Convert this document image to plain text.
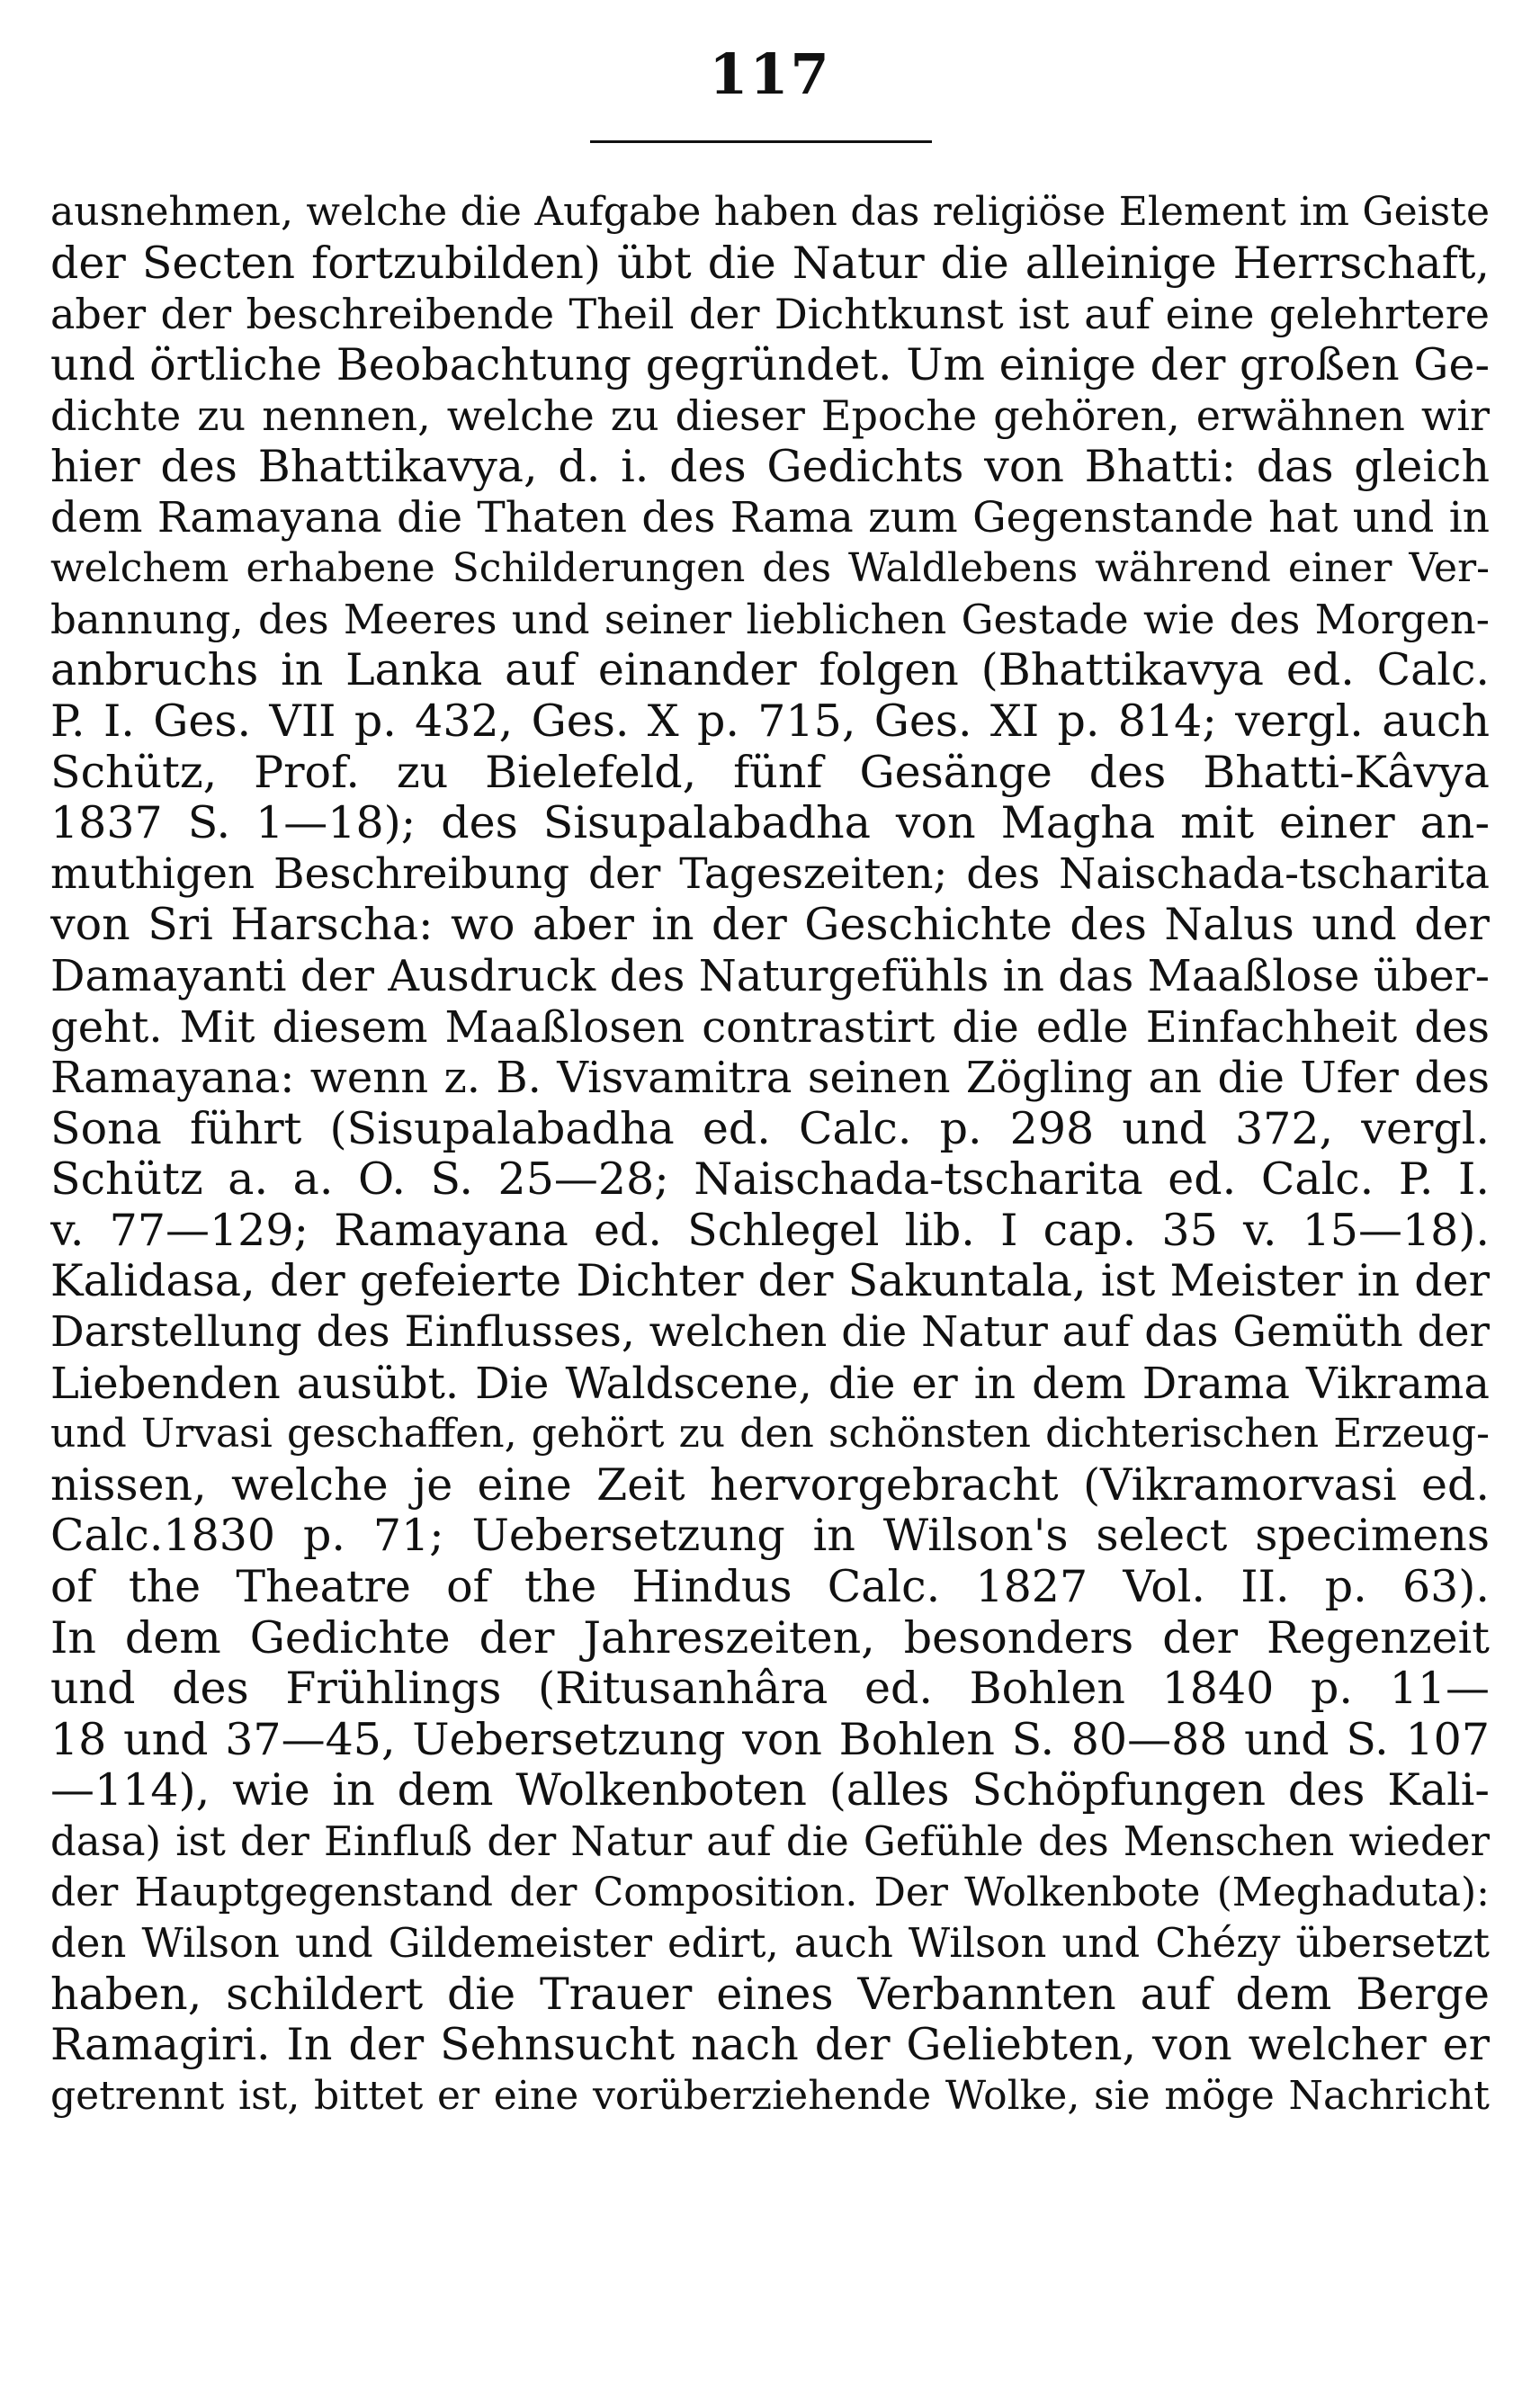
117
ausnehmen, welche die Aufgabe haben das religiöse Element im Geiste
der Secten fortzubilden) übt die Natur die alleinige Herrschaft,
aber der beschreibende Theil der Dichtkunst ist auf eine gelehrtere
und örtliche Beobachtung gegründet. Um einige der großen Ge-
dichte zu nennen, welche zu dieser Epoche gehören, erwähnen wir
hier des Bhattikavya, d. i. des Gedichts von Bhatti: das gleich
dem Ramayana die Thaten des Rama zum Gegenstande hat und in
welchem erhabene Schilderungen des Waldlebens während einer Ver-
bannung, des Meeres und seiner lieblichen Gestade wie des Morgen-
anbruchs in Lanka auf einander folgen (Bhattikavya ed. Calc.
P. I. Ges. VII p. 432, Ges. X p. 715, Ges. XI p. 814; vergl. auch
Schütz, Prof. zu Bielefeld, fünf Gesänge des Bhatti-Kâvya
1837 S. 1—18); des Sisupalabadha von Magha mit einer an-
muthigen Beschreibung der Tageszeiten; des Naischada-tscharita
von Sri Harscha: wo aber in der Geschichte des Nalus und der
Damayanti der Ausdruck des Naturgefühls in das Maaßlose über-
geht. Mit diesem Maaßlosen contrastirt die edle Einfachheit des
Ramayana: wenn z. B. Visvamitra seinen Zögling an die Ufer des
Sona führt (Sisupalabadha ed. Calc. p. 298 und 372, vergl.
Schütz a. a. O. S. 25—28; Naischada-tscharita ed. Calc. P. I.
v. 77—129; Ramayana ed. Schlegel lib. I cap. 35 v. 15—18).
Kalidasa, der gefeierte Dichter der Sakuntala, ist Meister in der
Darstellung des Einflusses, welchen die Natur auf das Gemüth der
Liebenden ausübt. Die Waldscene, die er in dem Drama Vikrama
und Urvasi geschaffen, gehört zu den schönsten dichterischen Erzeug-
nissen, welche je eine Zeit hervorgebracht (Vikramorvasi ed.
Calc.1830 p. 71; Uebersetzung in Wilson's select specimens
of the Theatre of the Hindus Calc. 1827 Vol. II. p. 63).
In dem Gedichte der Jahreszeiten, besonders der Regenzeit
und des Frühlings (Ritusanhâra ed. Bohlen 1840 p. 11—
18 und 37—45, Uebersetzung von Bohlen S. 80—88 und S. 107
—114), wie in dem Wolkenboten (alles Schöpfungen des Kali-
dasa) ist der Einfluß der Natur auf die Gefühle des Menschen wieder
der Hauptgegenstand der Composition. Der Wolkenbote (Meghaduta):
den Wilson und Gildemeister edirt, auch Wilson und Chézy übersetzt
haben, schildert die Trauer eines Verbannten auf dem Berge
Ramagiri. In der Sehnsucht nach der Geliebten, von welcher er
getrennt ist, bittet er eine vorüberziehende Wolke, sie möge Nachricht
